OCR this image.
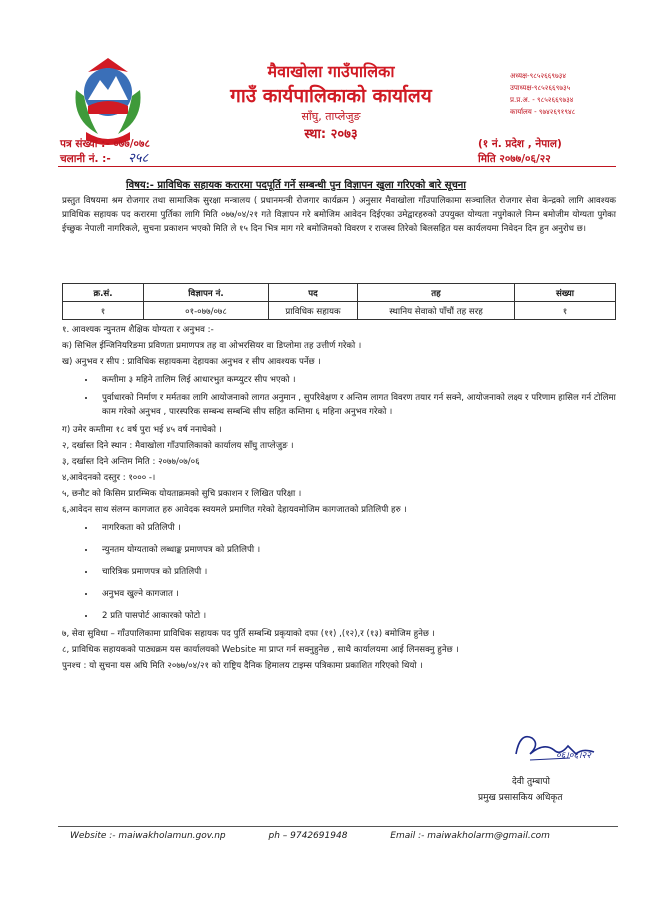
मैवाखोला गाउँपालिका
गाउँ कार्यपालिकाको कार्यालय
साँघु, ताप्लेजुङ
स्था: २०७३
अध्यक्ष-९८५२६६९७३४
उपाध्यक्ष-९८५२६६९७३५
प्र.प्र.अ. - ९८५२६६९७३४
कार्यालय - ९७४२६९१९४८
पत्र संख्या :- ०७७/०७८
चलानी नं. :- २५८
(१ नं. प्रदेश , नेपाल)
मिति २०७७/०६/२२
विषय:- प्राविधिक सहायक करारमा पदपूर्ति गर्ने सम्बन्धी पुन विज्ञापन खुला गरिएको बारे सूचना
प्रस्तुत विषयमा श्रम रोजगार तथा सामाजिक सुरक्षा मन्त्रालय ( प्रधानमन्त्री रोजगार कार्यक्रम ) अनुसार मैवाखोला गाँउपालिकामा सञ्चालित रोजगार सेवा केन्द्रको लागि आवश्यक प्राविधिक सहायक पद करारमा पुर्तिका लागि मिति ०७७/०४/२१ गते विज्ञापन गरे बमोजिम आवेदन दिईएका उमेद्वारहरुको उपयुक्त योग्यता नपुगेकाले निम्न बमोजीम योग्यता पुगेका ईच्छुक नेपाली नागरिकले, सुचना प्रकाशन भएको मिति ले १५ दिन भित्र माग गरे बमोजिमको विवरण र राजस्व तिरेको बिलसहित यस कार्यलयमा निवेदन दिन हुन अनुरोध छ।
क्र.सं.	विज्ञापन नं.	पद	तह	संख्या
१	०१-०७७/०७८	प्राविधिक सहायक	स्थानिय सेवाको पाँचौं तह सरह	१

१. आवश्यक न्युनतम शैक्षिक योग्यता र अनुभव :-

क) सिभिल ईन्जिनियरिङमा प्रविणता प्रमाणपत्र तह वा ओभरसियर वा डिप्लोमा तह उत्तीर्ण गरेको ।

ख) अनुभव र सीप : प्राविधिक सहायकमा देहायका अनुभव र सीप आवश्यक पर्नेछ ।

• कम्तीमा ३ महिने तालिम लिई आधारभुत कम्प्युटर सीप भएको ।
• पुर्वाधारको निर्माण र मर्मतका लागि आयोजनाको लागत अनुमान , सुपरिवेक्षण र अन्तिम लागत विवरण तयार गर्न सक्ने, आयोजनाको लक्ष्य र परिणाम हासिल गर्न टोलिमा काम गरेको अनुभव , पारस्परिक सम्बन्ध सम्बन्धि सीप सहित कम्तिमा ६ महिना अनुभव गरेको ।

ग) उमेर कम्तीमा १८ वर्ष पुरा भई ४५ वर्ष ननाघेको ।

२, दर्खास्त दिने स्थान : मैवाखोला गाँउपालिकाको कार्यालय साँघु ताप्लेजुङ ।

३, दर्खास्त दिने अन्तिम मिति : २०७७/०७/०६

४,आवेदनको दस्तुर : १००० -।

५, छनौट को किसिम प्रारम्भिक योयताक्रमको सुचि प्रकाशन र लिखित परिक्षा ।

६,आवेदन साथ संलग्न कागजात हरु आवेदक स्वयमले प्रमाणित गरेको देहायवमोजिम कागजातको प्रतिलिपी हरु ।

• नागरिकता को प्रतिलिपी ।
• न्युनतम योग्यताको लब्धाङ्क प्रमाणपत्र को प्रतिलिपी ।
• चारित्रिक प्रमाणपत्र को प्रतिलिपी ।
• अनुभव खुल्ने कागजात ।
• 2 प्रति पासपोर्ट आकारको फोटो ।

७, सेवा सुविधा – गाँउपालिकामा प्राविधिक सहायक पद पुर्ति सम्बन्धि प्रकृयाको दफा (११) ,(१२),र (१३) बमोजिम हुनेछ ।

८, प्राविधिक सहायकको पाठ्यक्रम यस कार्यालयको Website मा प्राप्त गर्न सक्नुहुनेछ , साथै कार्यालयमा आई लिनसक्नु हुनेछ ।

पुनश्च : यो सुचना यस अघि मिति २०७७/०४/२१ को राष्ट्रिय दैनिक हिमालय टाइम्स पत्रिकामा प्रकाशित गरिएको थियो ।

०६।०६।२२
देवी तुम्बापो
प्रमुख प्रसासकिय अधिकृत
Website :- maiwakholamun.gov.np	ph – 9742691948	Email :- maiwakholarm@gmail.com
